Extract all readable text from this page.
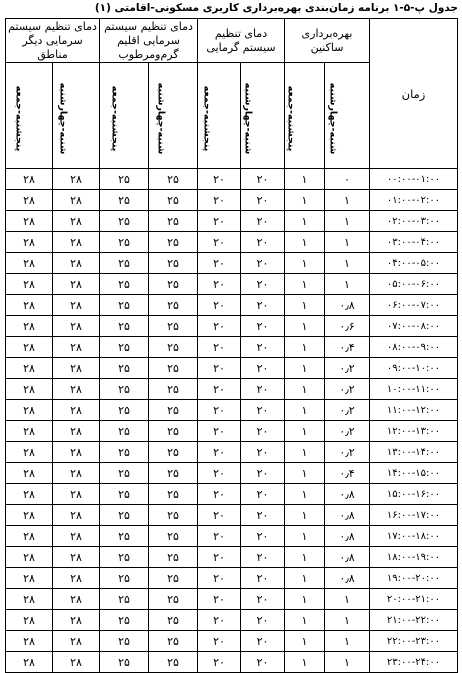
جدول پ-۵-۱ برنامه زمان‌بندی بهره‌برداری کاربری مسکونی-اقامتی (۱)
زمان	بهره‌برداری ساکنین		دمای تنظیم سیستم گرمایی		دمای تنظیم سیستم سرمایی اقلیم گرم‌ومرطوب		دمای تنظیم سیستم سرمایی دیگر مناطق	
	شنبه-چهارشنبه	پنجشنبه-جمعه	شنبه-چهارشنبه	پنجشنبه-جمعه	شنبه-چهارشنبه	پنجشنبه-جمعه	شنبه-چهارشنبه	پنجشنبه-جمعه
۰۰:۰۰-۰۱:۰۰	۰	۱	۲۰	۲۰	۲۵	۲۵	۲۸	۲۸
۰۱:۰۰-۰۲:۰۰	۱	۱	۲۰	۲۰	۲۵	۲۵	۲۸	۲۸
۰۲:۰۰-۰۳:۰۰	۱	۱	۲۰	۲۰	۲۵	۲۵	۲۸	۲۸
۰۳:۰۰-۰۴:۰۰	۱	۱	۲۰	۲۰	۲۵	۲۵	۲۸	۲۸
۰۴:۰۰-۰۵:۰۰	۱	۱	۲۰	۲۰	۲۵	۲۵	۲۸	۲۸
۰۵:۰۰-۰۶:۰۰	۱	۱	۲۰	۲۰	۲۵	۲۵	۲۸	۲۸
۰۶:۰۰-۰۷:۰۰	۰٫۸	۱	۲۰	۲۰	۲۵	۲۵	۲۸	۲۸
۰۷:۰۰-۰۸:۰۰	۰٫۶	۱	۲۰	۲۰	۲۵	۲۵	۲۸	۲۸
۰۸:۰۰-۰۹:۰۰	۰٫۴	۱	۲۰	۲۰	۲۵	۲۵	۲۸	۲۸
۰۹:۰۰-۱۰:۰۰	۰٫۲	۱	۲۰	۲۰	۲۵	۲۵	۲۸	۲۸
۱۰:۰۰-۱۱:۰۰	۰٫۲	۱	۲۰	۲۰	۲۵	۲۵	۲۸	۲۸
۱۱:۰۰-۱۲:۰۰	۰٫۲	۱	۲۰	۲۰	۲۵	۲۵	۲۸	۲۸
۱۲:۰۰-۱۳:۰۰	۰٫۲	۱	۲۰	۲۰	۲۵	۲۵	۲۸	۲۸
۱۳:۰۰-۱۴:۰۰	۰٫۲	۱	۲۰	۲۰	۲۵	۲۵	۲۸	۲۸
۱۴:۰۰-۱۵:۰۰	۰٫۴	۱	۲۰	۲۰	۲۵	۲۵	۲۸	۲۸
۱۵:۰۰-۱۶:۰۰	۰٫۸	۱	۲۰	۲۰	۲۵	۲۵	۲۸	۲۸
۱۶:۰۰-۱۷:۰۰	۰٫۸	۱	۲۰	۲۰	۲۵	۲۵	۲۸	۲۸
۱۷:۰۰-۱۸:۰۰	۰٫۸	۱	۲۰	۲۰	۲۵	۲۵	۲۸	۲۸
۱۸:۰۰-۱۹:۰۰	۰٫۸	۱	۲۰	۲۰	۲۵	۲۵	۲۸	۲۸
۱۹:۰۰-۲۰:۰۰	۰٫۸	۱	۲۰	۲۰	۲۵	۲۵	۲۸	۲۸
۲۰:۰۰-۲۱:۰۰	۱	۱	۲۰	۲۰	۲۵	۲۵	۲۸	۲۸
۲۱:۰۰-۲۲:۰۰	۱	۱	۲۰	۲۰	۲۵	۲۵	۲۸	۲۸
۲۲:۰۰-۲۳:۰۰	۱	۱	۲۰	۲۰	۲۵	۲۵	۲۸	۲۸
۲۳:۰۰-۲۴:۰۰	۱	۱	۲۰	۲۰	۲۵	۲۵	۲۸	۲۸
